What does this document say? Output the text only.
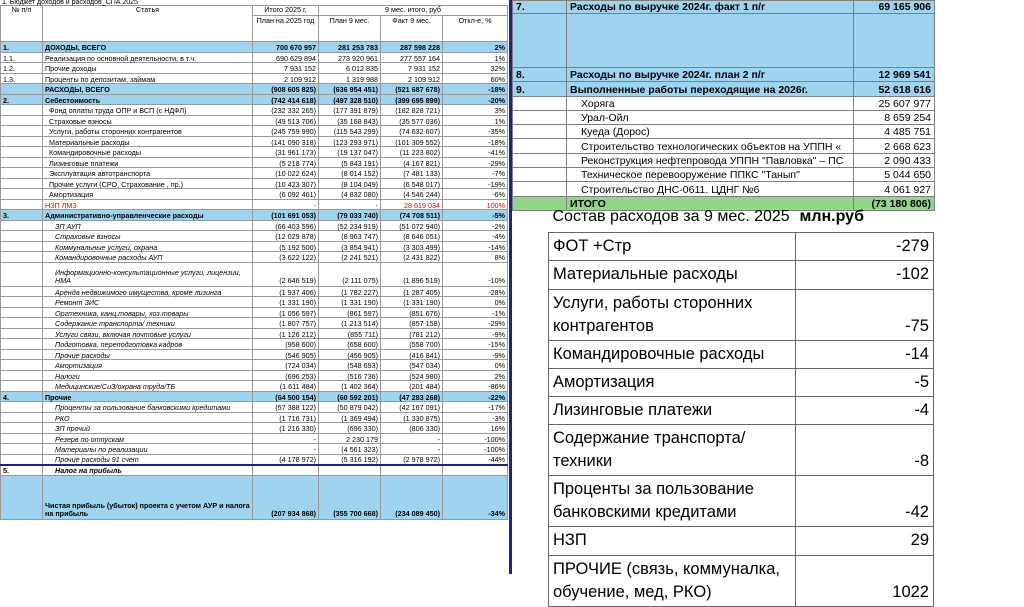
1. Бюджет доходов и расходов_СПА 2025
№ п/п	Статья	Итого 2025 г,	9 мес. итого, руб		
		План на 2025 год	План 9 мес.	Факт 9 мес.	Откл-е, %
1.	ДОХОДЫ, ВСЕГО	700 670 957	281 253 783	287 598 228	2%
1.1.	Реализация по основной деятельности, в т.ч.	690 629 894	273 920 961	277 557 164	1%
1.2.	Прочие доходы	7 931 152	6 012 835	7 931 152	32%
1.3.	Проценты по депозитам, займам	2 109 912	1 319 988	2 109 912	60%
	РАСХОДЫ, ВСЕГО	(908 605 825)	(636 954 451)	(521 687 678)	-18%
2.	Себестоимость	(742 414 618)	(497 328 510)	(399 695 899)	-20%
	Фонд оплаты труда ОПР и ВСП (с НДФЛ)	(232 332 265)	(177 391 879)	(182 828 721)	3%
	Страховые взносы	(49 513 706)	(35 168 843)	(35 577 036)	1%
	Услуги, работы сторонних контрагентов	(245 759 990)	(115 543 299)	(74 632 607)	-35%
	Материальные расходы	(141 090 318)	(123 293 971)	(101 309 552)	-18%
	Командировочные расходы	(31 961 173)	(19 137 047)	(11 223 802)	-41%
	Лизинговые платежи	(5 218 774)	(5 843 191)	(4 167 821)	-29%
	Эксплуатация автотранспорта	(10 022 624)	(8 014 152)	(7 481 133)	-7%
	Прочие услуги (СРО, Страхование , пр.)	(10 423 307)	(8 104 049)	(6 548 017)	-19%
	Амортизация	(6 092 461)	(4 832 080)	(4 546 244)	-6%
	НЗП ЛМЗ	-	-	28 619 034	100%
3.	Административно-управленческие расходы	(101 691 053)	(79 033 740)	(74 708 511)	-5%
	ЗП АУП	(66 403 596)	(52 234 919)	(51 072 940)	-2%
	Страховые взносы	(12 029 878)	(8 963 747)	(8 646 051)	-4%
	Коммунальные услуги, охрана	(5 192 500)	(3 854 941)	(3 303 499)	-14%
	Командировочные расходы АУП	(3 622 122)	(2 241 521)	(2 431 822)	8%
	Информационно-консультационные услуги, лицензии, НМА	(2 646 519)	(2 111 075)	(1 896 519)	-10%
	Аренда недвижимого имущества, кроме лизинга	(1 937 406)	(1 782 227)	(1 287 405)	-28%
	Ремонт ЗИС	(1 331 190)	(1 331 190)	(1 331 190)	0%
	Оргтехника, канц.товары, хоз.товары	(1 056 597)	(861 597)	(851 676)	-1%
	Содержание транспорта/ техники	(1 807 757)	(1 213 514)	(857 158)	-29%
	Услуги связи, включая почтовые услуги	(1 126 212)	(855 711)	(781 212)	-9%
	Подготовка, переподготовка кадров	(958 600)	(658 600)	(558 700)	-15%
	Прочие расходы	(546 905)	(456 905)	(416 841)	-9%
	Амортизация	(724 034)	(548 693)	(547 034)	0%
	Налоги	(696 253)	(516 736)	(524 980)	2%
	Медицинские/СиЗ/охрана труда/ТБ	(1 611 484)	(1 402 364)	(201 484)	-86%
4.	Прочие	(64 500 154)	(60 592 201)	(47 283 268)	-22%
	Проценты за пользование банковскими кредитами	(57 388 122)	(50 879 042)	(42 167 091)	-17%
	РКО	(1 716 731)	(1 369 494)	(1 330 875)	-3%
	ЗП прочий	(1 216 330)	(696 330)	(806 330)	16%
	Резерв по отпускам	-	2 230 179	-	-100%
	Материалы по реализации	-	(4 561 323)	-	-100%
	Прочие расходы 91 счет	(4 178 972)	(5 316 192)	(2 978 972)	-44%
5.	Налог на прибыль				
	Чистая прибыль (убыток) проекта с учетом АУР и налога на прибыль	(207 934 868)	(355 700 668)	(234 089 450)	-34%
7.	Расходы по выручке 2024г. факт 1 п/г	69 165 906

8.	Расходы по выручке 2024г. план 2 п/г	12 969 541
9.	Выполненные работы переходящие на 2026г.	52 618 616
	Хоряга	25 607 977
	Урал-Ойл	8 659 254
	Куеда (Дорос)	4 485 751
	Строительство технологических объектов на УППН «	2 668 623
	Реконструкция нефтепровода УППН "Павловка" – ПС	2 090 433
	Техническое перевооружение ППКС "Танып"	5 044 650
	Строительство ДНС-0611. ЦДНГ №6	4 061 927
	ИТОГО	(73 180 806)
Состав расходов за 9 мес. 2025	млн.руб
ФОТ +Стр	-279
Материальные расходы	-102
Услуги, работы сторонних контрагентов	-75
Командировочные расходы	-14
Амортизация	-5
Лизинговые платежи	-4
Содержание транспорта/ техники	-8
Проценты за пользование банковскими кредитами	-42
НЗП	29
ПРОЧИЕ (связь, коммуналка, обучение, мед, РКО)	1022
